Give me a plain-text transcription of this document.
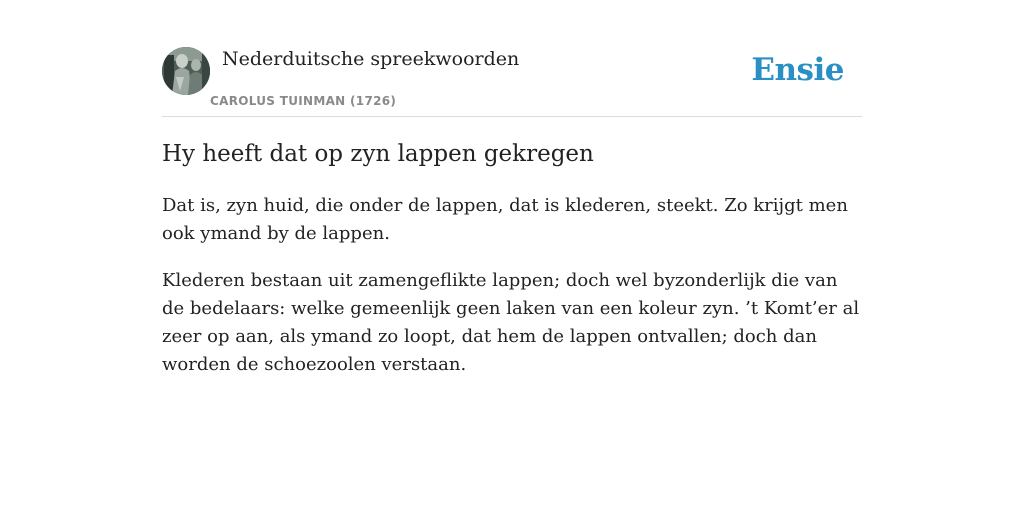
Nederduitsche spreekwoorden
CAROLUS TUINMAN (1726)
Ensie
Hy heeft dat op zyn lappen gekregen

Dat is, zyn huid, die onder de lappen, dat is klederen, steekt. Zo krijgt men ook ymand by de lappen.

Klederen bestaan uit zamengeflikte lappen; doch wel byzonderlijk die van de bedelaars: welke gemeenlijk geen laken van een koleur zyn. ’t Komt’er al zeer op aan, als ymand zo loopt, dat hem de lappen ontvallen; doch dan worden de schoezoolen verstaan.
